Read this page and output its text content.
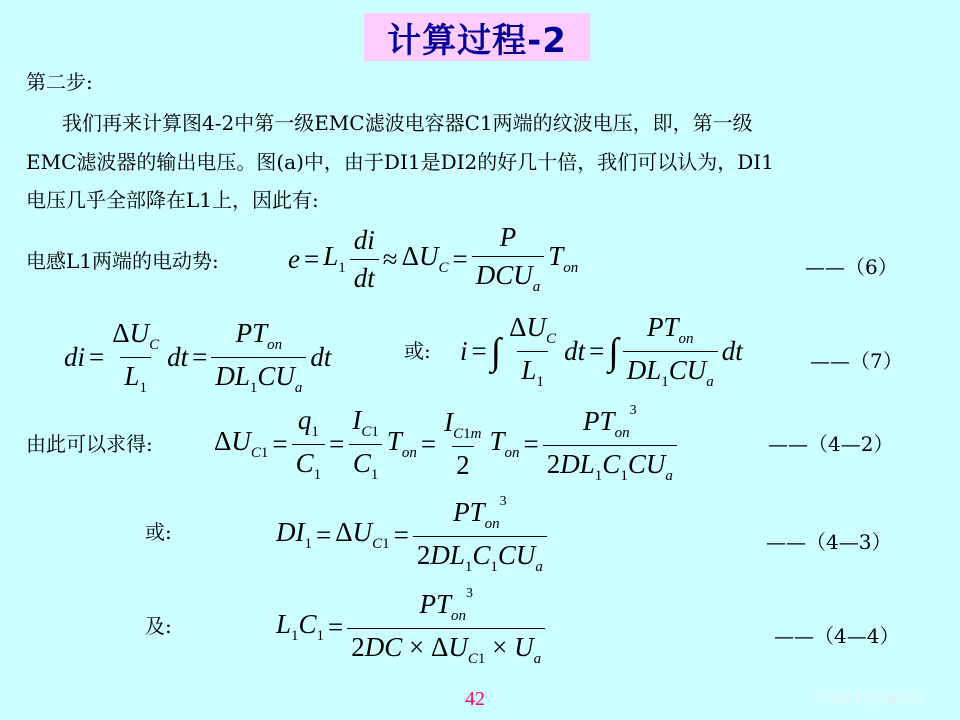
计算过程-2
第二步:
我们再来计算图4-2中第一级EMC滤波电容器C1两端的纹波电压，即，第一级
EMC滤波器的输出电压。图(a)中，由于DI1是DI2的好几十倍，我们可以认为，DI1
电压几乎全部降在L1上，因此有:
电感L1两端的电动势:	$e = L_1 \frac{di}{dt} \approx \Delta U_C = \frac{P}{DCU_a} T_{on}$	——（6）
di = $\frac{\Delta U_C}{L_1}$ dt = $\frac{PT_{on}}{DL_1CU_a}$ dt	或: i = ∫ $\frac{\Delta U_C}{L_1}$ dt = ∫ $\frac{PT_{on}}{DL_1CU_a}$ dt	——（7）
由此可以求得: $\Delta U_{C1} = \frac{q_1}{C_1} = \frac{I_{C1}}{C_1} T_{on} = \frac{I_{C1m}}{2} T_{on} = \frac{PT_{on}^3}{2DL_1C_1CU_a}$	——（4—2）
或:	$DI_1 = \Delta U_{C1} = \frac{PT_{on}^3}{2DL_1C_1CU_a}$	——（4—3）
及:	$L_1C_1 = \frac{PT_{on}^3}{2DC \times \Delta U_{C1} \times U_a}$	——（4—4）
42	CSDN @ltqshs
